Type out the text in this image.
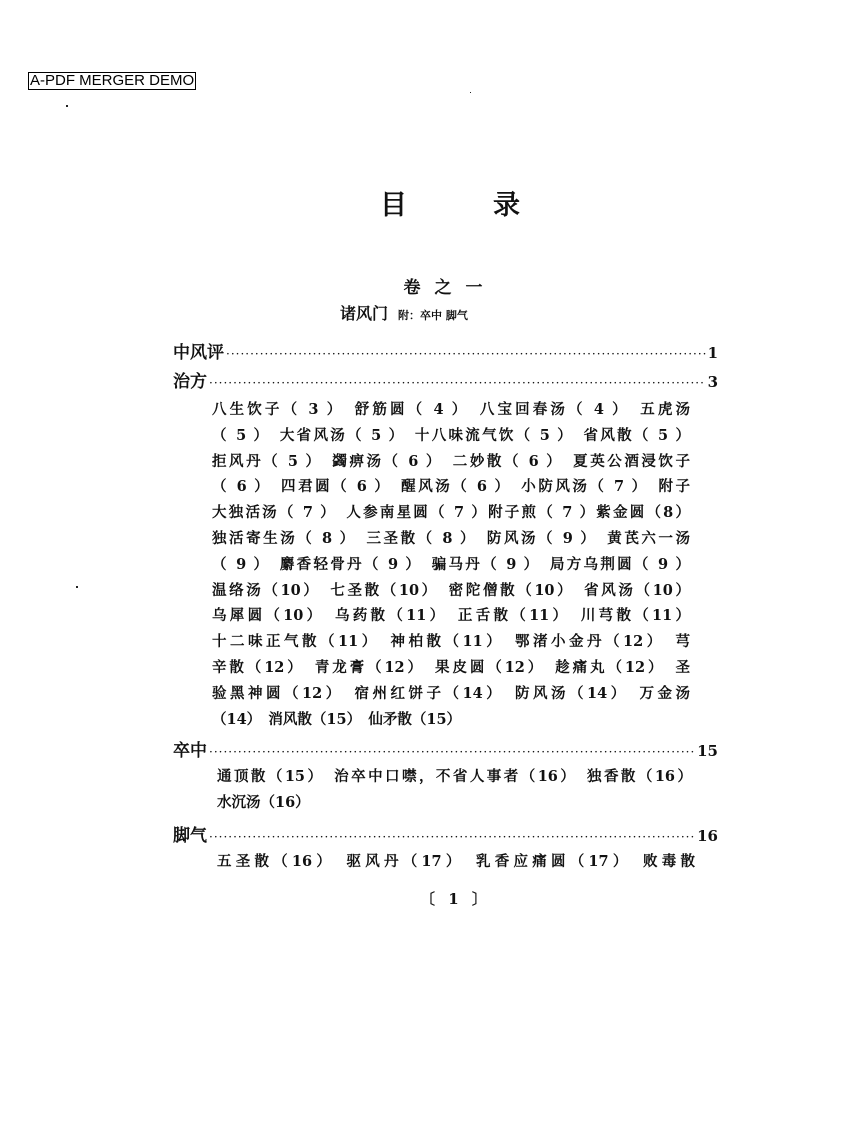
A-PDF MERGER DEMO
目	录
卷之一
诸风门 附：卒中 脚气
中风评 ·····	1
治方 ·····	3
八生饮子（ 3 ）　舒筋圆（ 4 ）　八宝回春汤（ 4 ）　五虎汤
（ 5 ）　大省风汤（ 5 ）　十八味流气饮（ 5 ）　省风散（ 5 ）
拒风丹（ 5 ）　蠲痹汤（ 6 ）　二妙散（ 6 ）　夏英公酒浸饮子
（ 6 ）　四君圆（ 6 ）　醒风汤（ 6 ）　小防风汤（ 7 ）　附子
大独活汤（ 7 ）　人参南星圆（ 7 ）附子煎（ 7 ）紫金圆（8）
独活寄生汤（ 8 ）　三圣散（ 8 ）　防风汤（ 9 ）　黄芪六一汤
（ 9 ）　麝香轻骨丹（ 9 ）　骗马丹（ 9 ）　局方乌荆圆（ 9 ）
温络汤（10）　七圣散（10）　密陀僧散（10）　省风汤（10）
乌犀圆（10）　乌药散（11）　正舌散（11）　川芎散（11）
十二味正气散（11）　神柏散（11）　鄂渚小金丹（12）　芎
辛散（12）　青龙膏（12）　果皮圆（12）　趁痛丸（12）　圣
验黑神圆（12）　宿州红饼子（14）　防风汤（14）　万金汤
（14）　消风散（15）　仙矛散（15）
卒中 ·····	15
通顶散（15）　治卒中口噤，不省人事者（16）　独香散（16）
水沉汤（16）
脚气 ·····	16
五圣散（16）　驱风丹（17）　乳香应痛圆（17）　败毒散
〔 1 〕
